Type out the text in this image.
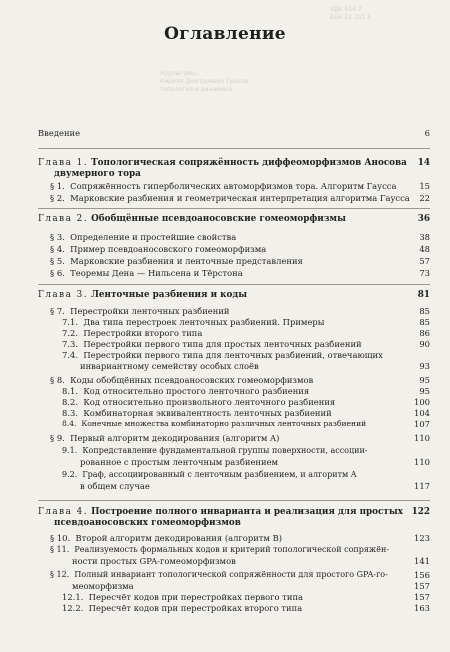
УДК 514.7
ББК 22.151.5
Нурлыгаян...
Кирилл Дмитриевич Грахов
топология и динамика
Оглавление
Введение	6
Глава 1. Топологическая сопряжённость диффеоморфизмов Аносова	14
двумерного тора
§ 1. Сопряжённость гиперболических автоморфизмов тора. Алгоритм Гаусса	15
§ 2. Марковские разбиения и геометрическая интерпретация алгоритма Гаусса	22
Глава 2. Обобщённые псевдоаносовские гомеоморфизмы	36
§ 3. Определение и простейшие свойства	38
§ 4. Пример псевдоаносовского гомеоморфизма	48
§ 5. Марковские разбиения и ленточные представления	57
§ 6. Теоремы Дена — Нильсена и Тёрстона	73
Глава 3. Ленточные разбиения и коды	81
§ 7. Перестройки ленточных разбиений	85
7.1. Два типа перестроек ленточных разбиений. Примеры	85
7.2. Перестройки второго типа	86
7.3. Перестройки первого типа для простых ленточных разбиений	90
7.4. Перестройки первого типа для ленточных разбиений, отвечающих
инвариантному семейству особых слоёв	93
§ 8. Коды обобщённых псевдоаносовских гомеоморфизмов	95
8.1. Код относительно простого ленточного разбиения	95
8.2. Код относительно произвольного ленточного разбиения	100
8.3. Комбинаторная эквивалентность ленточных разбиений	104
8.4. Конечные множества комбинаторно различных ленточных разбиений	107
§ 9. Первый алгоритм декодирования (алгоритм A)	110
9.1. Копредставление фундаментальной группы поверхности, ассоции-
рованное с простым ленточным разбиением	110
9.2. Граф, ассоциированный с ленточным разбиением, и алгоритм A
в общем случае	117
Глава 4. Построение полного инварианта и реализация для простых 122
псевдоаносовских гомеоморфизмов
§ 10. Второй алгоритм декодирования (алгоритм B)	123
§ 11. Реализуемость формальных кодов и критерий топологической сопряжён-
ности простых GPA-гомеоморфизмов	141
§ 12. Полный инвариант топологической сопряжённости для простого GPA-го-	156
меоморфизма	157
12.1. Пересчёт кодов при перестройках первого типа	157
12.2. Пересчёт кодов при перестройках второго типа	163
